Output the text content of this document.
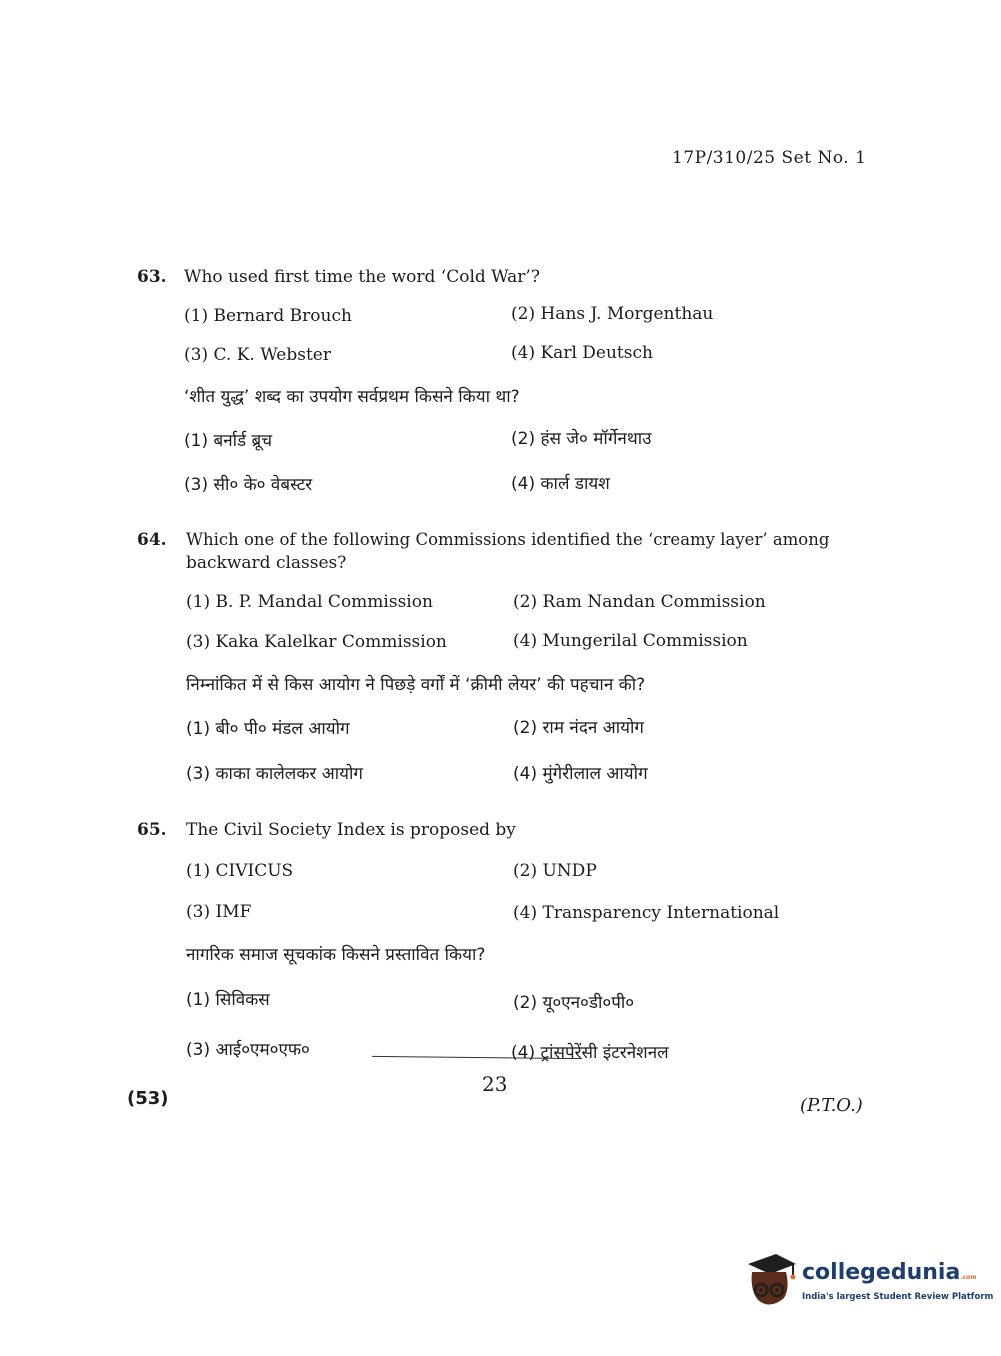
17P/310/25 Set No. 1
63. Who used first time the word ‘Cold War’?
(1) Bernard Brouch	(2) Hans J. Morgenthau
(3) C. K. Webster	(4) Karl Deutsch
‘शीत युद्ध’ शब्द का उपयोग सर्वप्रथम किसने किया था?
(1) बर्नार्ड ब्रूच	(2) हंस जे० मॉर्गेनथाउ
(3) सी० के० वेबस्टर	(4) कार्ल डायश
64. Which one of the following Commissions identified the ‘creamy layer’ among
backward classes?
(1) B. P. Mandal Commission	(2) Ram Nandan Commission
(3) Kaka Kalelkar Commission	(4) Mungerilal Commission
निम्नांकित में से किस आयोग ने पिछड़े वर्गों में ‘क्रीमी लेयर’ की पहचान की?
(1) बी० पी० मंडल आयोग	(2) राम नंदन आयोग
(3) काका कालेलकर आयोग	(4) मुंगेरीलाल आयोग
65. The Civil Society Index is proposed by
(1) CIVICUS	(2) UNDP
(3) IMF	(4) Transparency International
नागरिक समाज सूचकांक किसने प्रस्तावित किया?
(1) सिविकस	(2) यू०एन०डी०पी०
(3) आई०एम०एफ०	(4) ट्रांसपेरेंसी इंटरनेशनल
23
(53)	(P.T.O.)
collegedunia.com
India's largest Student Review Platform
